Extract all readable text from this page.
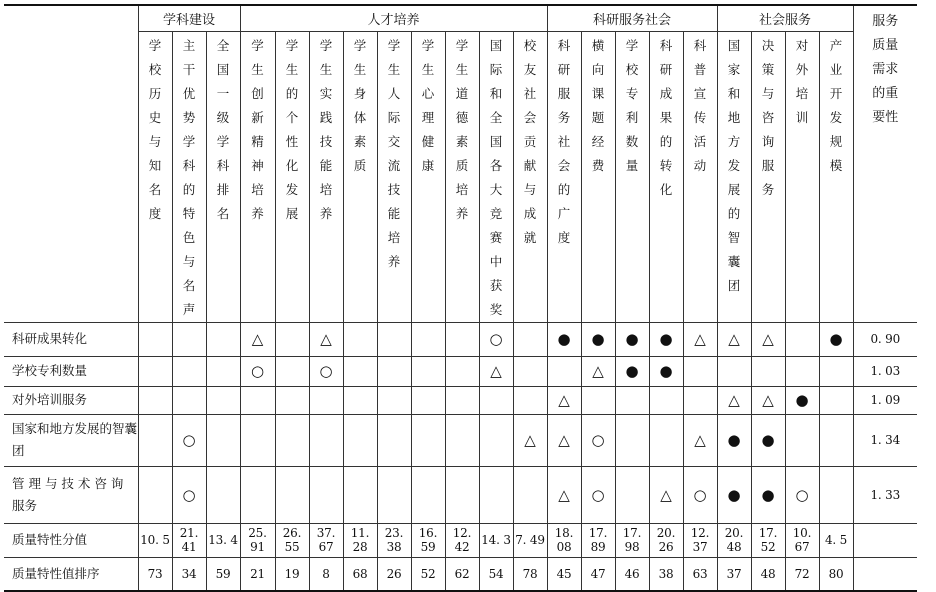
	学科建设			人才培养									科研服务社会					社会服务				服务质量需求的重要性
	学校历史与知名度	主干优势学科的特色与名声	全国一级学科排名	学生创新精神培养	学生的个性化发展	学生实践技能培养	学生身体素质	学生人际交流技能培养	学生心理健康	学生道德素质培养	国际和全国各大竞赛中获奖	校友社会贡献与成就	科研服务社会的广度	横向课题经费	学校专利数量	科研成果的转化	科普宣传活动	国家和地方发展的智囊团	决策与咨询服务	对外培训	产业开发规模	
科研成果转化				△		△					○		●	●	●	●	△	△	△		●	0. 90
学校专利数量				○		○					△			△	●	●						1. 03
对外培训服务													△					△	△	●		1. 09
国家和地方发展的智囊团		○										△	△	○			△	●	●			1. 34
管 理 与 技 术 咨 询 服务		○											△	○		△	○	●	●	○		1. 33
质量特性分值	10. 5	21. 41	13. 4	25. 91	26. 55	37. 67	11. 28	23. 38	16. 59	12. 42	14. 3	7. 49	18. 08	17. 89	17. 98	20. 26	12. 37	20. 48	17. 52	10. 67	4. 5	
质量特性值排序	73	34	59	21	19	8	68	26	52	62	54	78	45	47	46	38	63	37	48	72	80	
